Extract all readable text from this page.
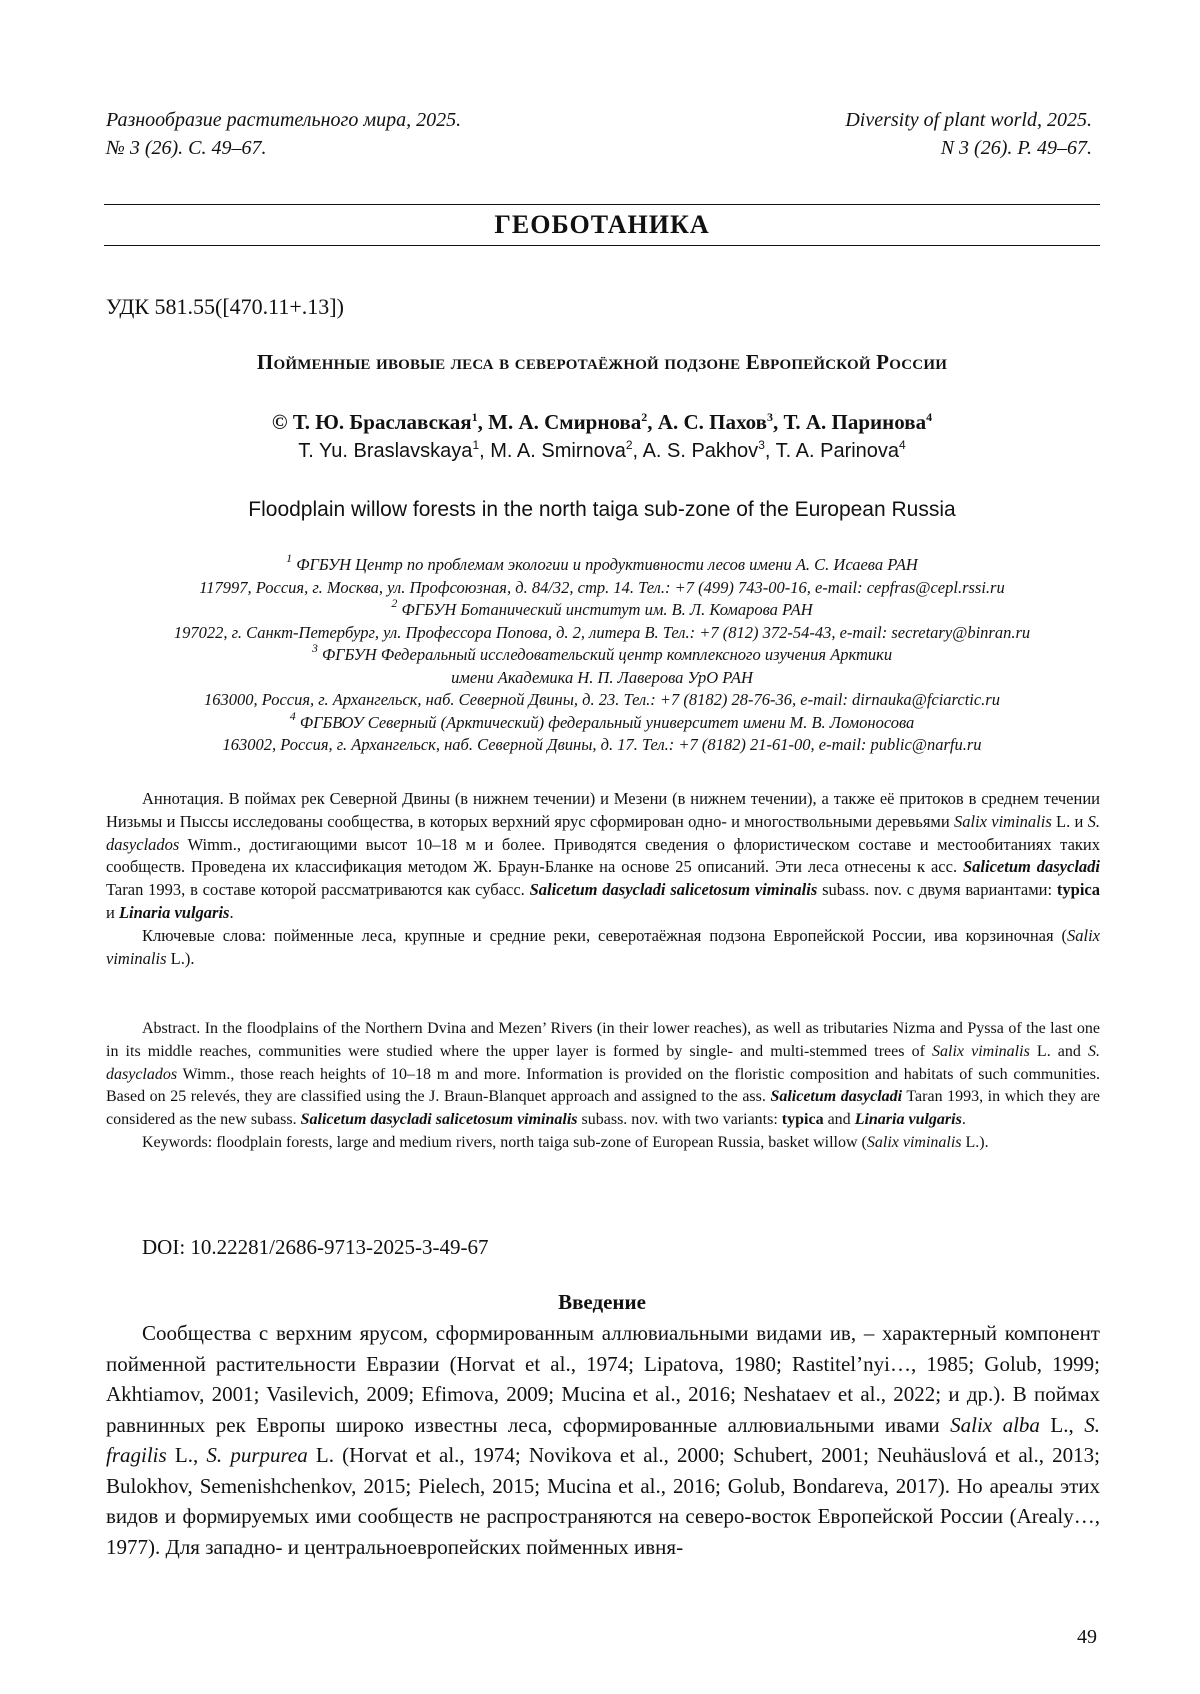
Разнообразие растительного мира, 2025.
№ 3 (26). С. 49–67.
Diversity of plant world, 2025.
N 3 (26). P. 49–67.
ГЕОБОТАНИКА
УДК 581.55([470.11+.13])
Пойменные ивовые леса в северотаёжной подзоне Европейской России
© Т. Ю. Браславская1, М. А. Смирнова2, А. С. Пахов3, Т. А. Паринова4
T. Yu. Braslavskaya1, M. A. Smirnova2, A. S. Pakhov3, T. A. Parinova4
Floodplain willow forests in the north taiga sub-zone of the European Russia
1 ФГБУН Центр по проблемам экологии и продуктивности лесов имени А. С. Исаева РАН
117997, Россия, г. Москва, ул. Профсоюзная, д. 84/32, стр. 14. Тел.: +7 (499) 743-00-16, e-mail: cepfras@cepl.rssi.ru
2 ФГБУН Ботанический институт им. В. Л. Комарова РАН
197022, г. Санкт-Петербург, ул. Профессора Попова, д. 2, литера В. Тел.: +7 (812) 372-54-43, e-mail: secretary@binran.ru
3 ФГБУН Федеральный исследовательский центр комплексного изучения Арктики
имени Академика Н. П. Лаверова УрО РАН
163000, Россия, г. Архангельск, наб. Северной Двины, д. 23. Тел.: +7 (8182) 28-76-36, e-mail: dirnauka@fciarctic.ru
4 ФГБВОУ Северный (Арктический) федеральный университет имени М. В. Ломоносова
163002, Россия, г. Архангельск, наб. Северной Двины, д. 17. Тел.: +7 (8182) 21-61-00, e-mail: public@narfu.ru

Аннотация. В поймах рек Северной Двины (в нижнем течении) и Мезени (в нижнем течении), а также её притоков в среднем течении Низьмы и Пыссы исследованы сообщества, в которых верхний ярус сформирован одно- и многоствольными деревьями Salix viminalis L. и S. dasyclados Wimm., достигающими высот 10–18 м и более. Приводятся сведения о флористическом составе и местообитаниях таких сообществ. Проведена их классификация методом Ж. Браун-Бланке на основе 25 описаний. Эти леса отнесены к асс. Salicetum dasycladi Taran 1993, в составе которой рассматриваются как субасс. Salicetum dasycladi salicetosum viminalis subass. nov. с двумя вариантами: typica и Linaria vulgaris.

Ключевые слова: пойменные леса, крупные и средние реки, северотаёжная подзона Европейской России, ива корзиночная (Salix viminalis L.).

Abstract. In the floodplains of the Northern Dvina and Mezen’ Rivers (in their lower reaches), as well as tributaries Nizma and Pyssa of the last one in its middle reaches, communities were studied where the upper layer is formed by single- and multi-stemmed trees of Salix viminalis L. and S. dasyclados Wimm., those reach heights of 10–18 m and more. Information is provided on the floristic composition and habitats of such communities. Based on 25 relevés, they are classified using the J. Braun-Blanquet approach and assigned to the ass. Salicetum dasycladi Taran 1993, in which they are considered as the new subass. Salicetum dasycladi salicetosum viminalis subass. nov. with two variants: typica and Linaria vulgaris.

Keywords: floodplain forests, large and medium rivers, north taiga sub-zone of European Russia, basket willow (Salix viminalis L.).

DOI: 10.22281/2686-9713-2025-3-49-67
Введение

Сообщества с верхним ярусом, сформированным аллювиальными видами ив, – характерный компонент пойменной растительности Евразии (Horvat et al., 1974; Lipatova, 1980; Rastitel’nyi…, 1985; Golub, 1999; Akhtiamov, 2001; Vasilevich, 2009; Efimova, 2009; Mucina et al., 2016; Neshataev et al., 2022; и др.). В поймах равнинных рек Европы широко известны леса, сформированные аллювиальными ивами Salix alba L., S. fragilis L., S. purpurea L. (Horvat et al., 1974; Novikova et al., 2000; Schubert, 2001; Neuhäuslová et al., 2013; Bulokhov, Semenishchenkov, 2015; Pielech, 2015; Mucina et al., 2016; Golub, Bondareva, 2017). Но ареалы этих видов и формируемых ими сообществ не распространяются на северо-восток Европейской России (Arealy…, 1977). Для западно- и центральноевропейских пойменных ивня-

49
